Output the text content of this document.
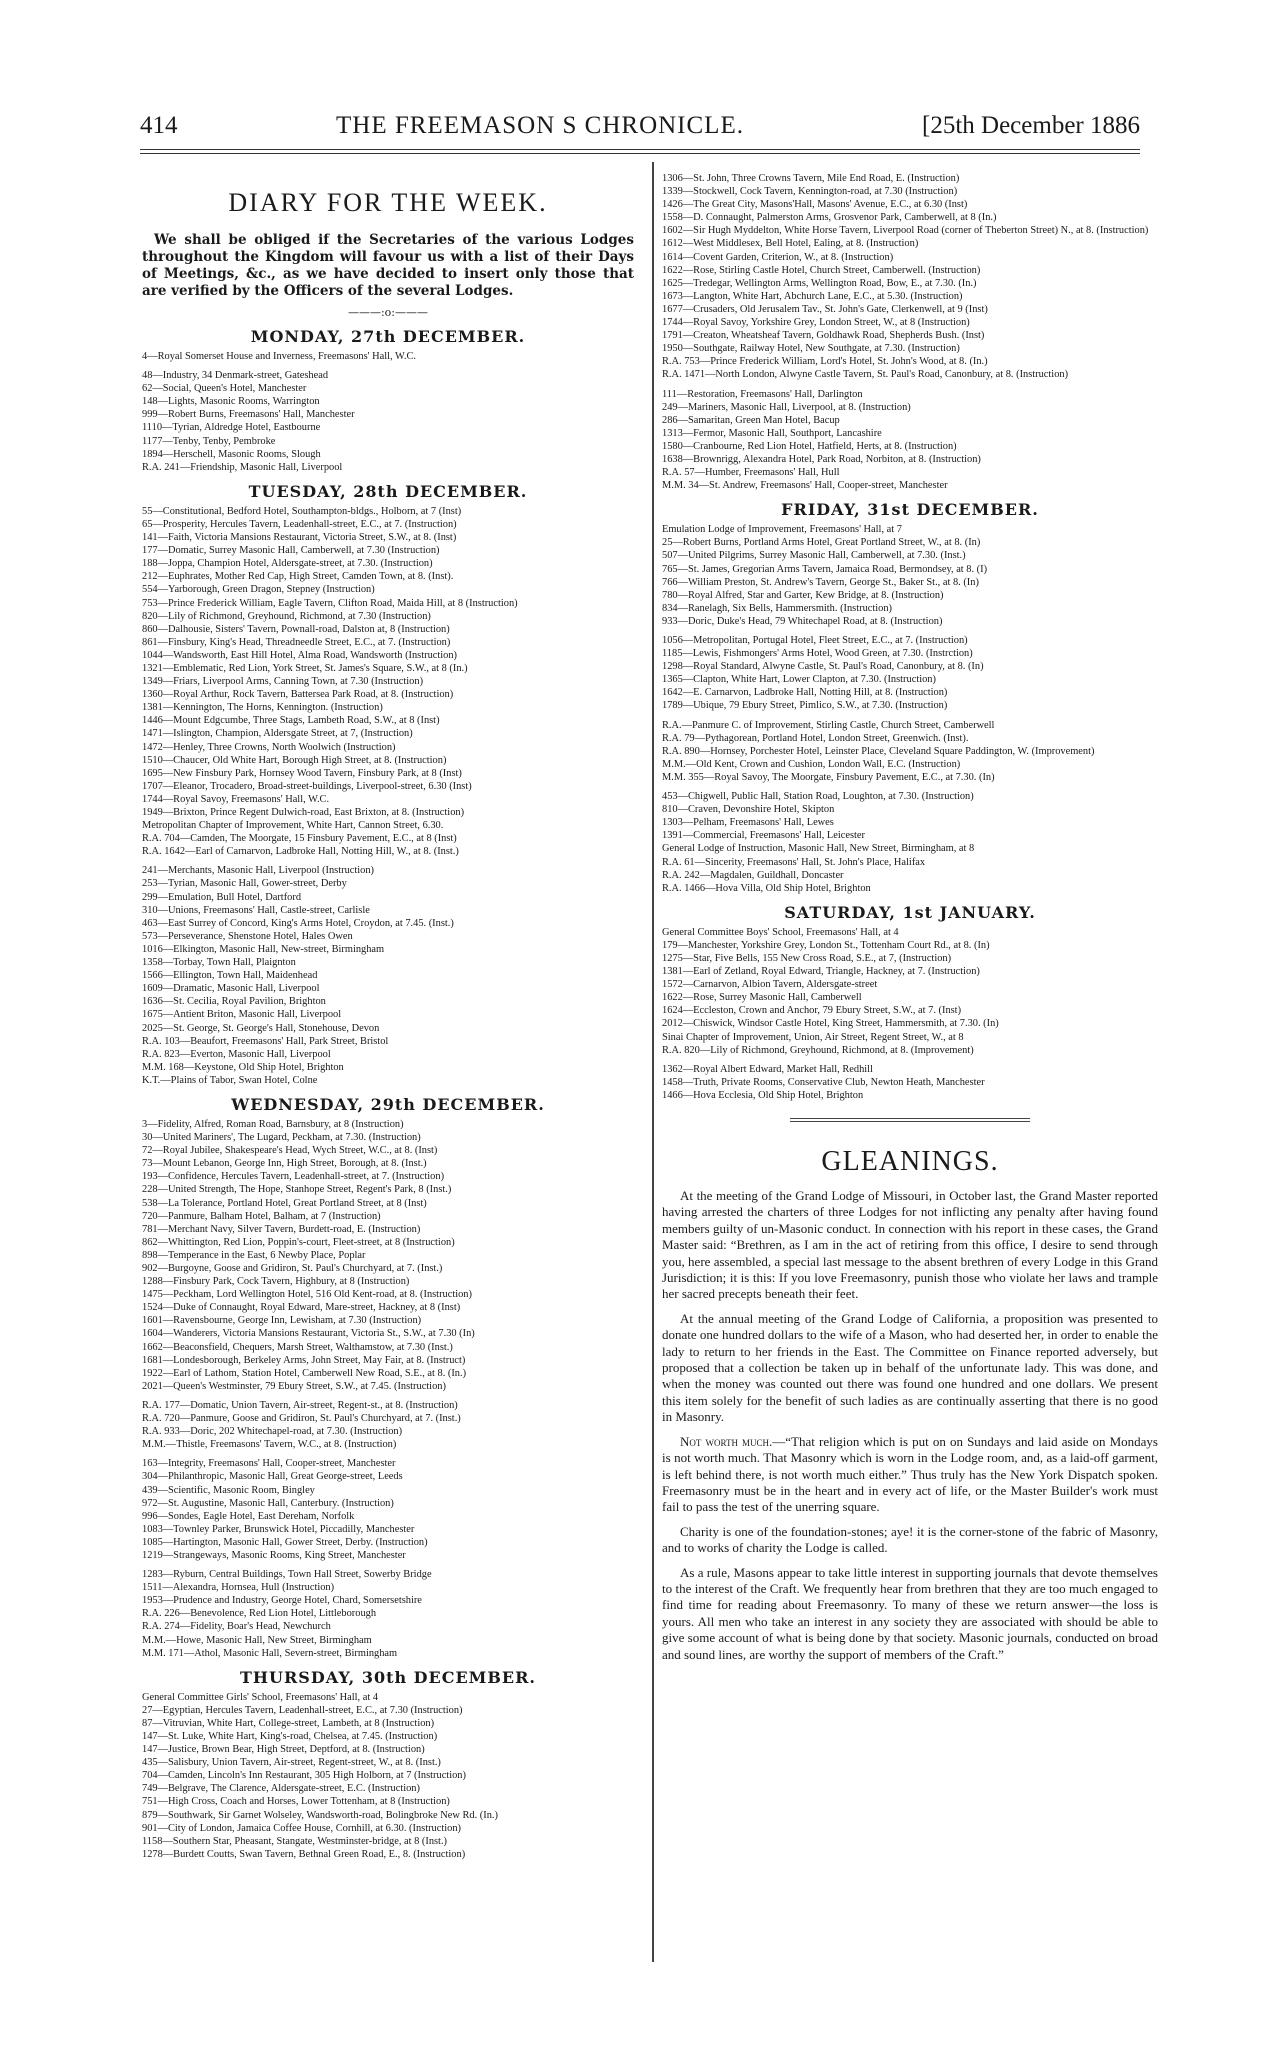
414	THE FREEMASON S CHRONICLE.	[25th December 1886
DIARY FOR THE WEEK.

We shall be obliged if the Secretaries of the various Lodges throughout the Kingdom will favour us with a list of their Days of Meetings, &c., as we have decided to insert only those that are verified by the Officers of the several Lodges.

———:o:———
MONDAY, 27th DECEMBER.
4—Royal Somerset House and Inverness, Freemasons' Hall, W.C.
48—Industry, 34 Denmark-street, Gateshead
62—Social, Queen's Hotel, Manchester
148—Lights, Masonic Rooms, Warrington
999—Robert Burns, Freemasons' Hall, Manchester
1110—Tyrian, Aldredge Hotel, Eastbourne
1177—Tenby, Tenby, Pembroke
1894—Herschell, Masonic Rooms, Slough
R.A. 241—Friendship, Masonic Hall, Liverpool
TUESDAY, 28th DECEMBER.
55—Constitutional, Bedford Hotel, Southampton-bldgs., Holborn, at 7 (Inst)
65—Prosperity, Hercules Tavern, Leadenhall-street, E.C., at 7. (Instruction)
141—Faith, Victoria Mansions Restaurant, Victoria Street, S.W., at 8. (Inst)
177—Domatic, Surrey Masonic Hall, Camberwell, at 7.30 (Instruction)
188—Joppa, Champion Hotel, Aldersgate-street, at 7.30. (Instruction)
212—Euphrates, Mother Red Cap, High Street, Camden Town, at 8. (Inst).
554—Yarborough, Green Dragon, Stepney (Instruction)
753—Prince Frederick William, Eagle Tavern, Clifton Road, Maida Hill, at 8 (Instruction)
820—Lily of Richmond, Greyhound, Richmond, at 7.30 (Instruction)
860—Dalhousie, Sisters' Tavern, Pownall-road, Dalston at, 8 (Instruction)
861—Finsbury, King's Head, Threadneedle Street, E.C., at 7. (Instruction)
1044—Wandsworth, East Hill Hotel, Alma Road, Wandsworth (Instruction)
1321—Emblematic, Red Lion, York Street, St. James's Square, S.W., at 8 (In.)
1349—Friars, Liverpool Arms, Canning Town, at 7.30 (Instruction)
1360—Royal Arthur, Rock Tavern, Battersea Park Road, at 8. (Instruction)
1381—Kennington, The Horns, Kennington. (Instruction)
1446—Mount Edgcumbe, Three Stags, Lambeth Road, S.W., at 8 (Inst)
1471—Islington, Champion, Aldersgate Street, at 7, (Instruction)
1472—Henley, Three Crowns, North Woolwich (Instruction)
1510—Chaucer, Old White Hart, Borough High Street, at 8. (Instruction)
1695—New Finsbury Park, Hornsey Wood Tavern, Finsbury Park, at 8 (Inst)
1707—Eleanor, Trocadero, Broad-street-buildings, Liverpool-street, 6.30 (Inst)
1744—Royal Savoy, Freemasons' Hall, W.C.
1949—Brixton, Prince Regent Dulwich-road, East Brixton, at 8. (Instruction)
Metropolitan Chapter of Improvement, White Hart, Cannon Street, 6.30.
R.A. 704—Camden, The Moorgate, 15 Finsbury Pavement, E.C., at 8 (Inst)
R.A. 1642—Earl of Carnarvon, Ladbroke Hall, Notting Hill, W., at 8. (Inst.)
241—Merchants, Masonic Hall, Liverpool (Instruction)
253—Tyrian, Masonic Hall, Gower-street, Derby
299—Emulation, Bull Hotel, Dartford
310—Unions, Freemasons' Hall, Castle-street, Carlisle
463—East Surrey of Concord, King's Arms Hotel, Croydon, at 7.45. (Inst.)
573—Perseverance, Shenstone Hotel, Hales Owen
1016—Elkington, Masonic Hall, New-street, Birmingham
1358—Torbay, Town Hall, Plaignton
1566—Ellington, Town Hall, Maidenhead
1609—Dramatic, Masonic Hall, Liverpool
1636—St. Cecilia, Royal Pavilion, Brighton
1675—Antient Briton, Masonic Hall, Liverpool
2025—St. George, St. George's Hall, Stonehouse, Devon
R.A. 103—Beaufort, Freemasons' Hall, Park Street, Bristol
R.A. 823—Everton, Masonic Hall, Liverpool
M.M. 168—Keystone, Old Ship Hotel, Brighton
K.T.—Plains of Tabor, Swan Hotel, Colne
WEDNESDAY, 29th DECEMBER.
3—Fidelity, Alfred, Roman Road, Barnsbury, at 8 (Instruction)
30—United Mariners', The Lugard, Peckham, at 7.30. (Instruction)
72—Royal Jubilee, Shakespeare's Head, Wych Street, W.C., at 8. (Inst)
73—Mount Lebanon, George Inn, High Street, Borough, at 8. (Inst.)
193—Confidence, Hercules Tavern, Leadenhall-street, at 7. (Instruction)
228—United Strength, The Hope, Stanhope Street, Regent's Park, 8 (Inst.)
538—La Tolerance, Portland Hotel, Great Portland Street, at 8 (Inst)
720—Panmure, Balham Hotel, Balham, at 7 (Instruction)
781—Merchant Navy, Silver Tavern, Burdett-road, E. (Instruction)
862—Whittington, Red Lion, Poppin's-court, Fleet-street, at 8 (Instruction)
898—Temperance in the East, 6 Newby Place, Poplar
902—Burgoyne, Goose and Gridiron, St. Paul's Churchyard, at 7. (Inst.)
1288—Finsbury Park, Cock Tavern, Highbury, at 8 (Instruction)
1475—Peckham, Lord Wellington Hotel, 516 Old Kent-road, at 8. (Instruction)
1524—Duke of Connaught, Royal Edward, Mare-street, Hackney, at 8 (Inst)
1601—Ravensbourne, George Inn, Lewisham, at 7.30 (Instruction)
1604—Wanderers, Victoria Mansions Restaurant, Victoria St., S.W., at 7.30 (In)
1662—Beaconsfield, Chequers, Marsh Street, Walthamstow, at 7.30 (Inst.)
1681—Londesborough, Berkeley Arms, John Street, May Fair, at 8. (Instruct)
1922—Earl of Lathom, Station Hotel, Camberwell New Road, S.E., at 8. (In.)
2021—Queen's Westminster, 79 Ebury Street, S.W., at 7.45. (Instruction)
R.A. 177—Domatic, Union Tavern, Air-street, Regent-st., at 8. (Instruction)
R.A. 720—Panmure, Goose and Gridiron, St. Paul's Churchyard, at 7. (Inst.)
R.A. 933—Doric, 202 Whitechapel-road, at 7.30. (Instruction)
M.M.—Thistle, Freemasons' Tavern, W.C., at 8. (Instruction)
163—Integrity, Freemasons' Hall, Cooper-street, Manchester
304—Philanthropic, Masonic Hall, Great George-street, Leeds
439—Scientific, Masonic Room, Bingley
972—St. Augustine, Masonic Hall, Canterbury. (Instruction)
996—Sondes, Eagle Hotel, East Dereham, Norfolk
1083—Townley Parker, Brunswick Hotel, Piccadilly, Manchester
1085—Hartington, Masonic Hall, Gower Street, Derby. (Instruction)
1219—Strangeways, Masonic Rooms, King Street, Manchester
1283—Ryburn, Central Buildings, Town Hall Street, Sowerby Bridge
1511—Alexandra, Hornsea, Hull (Instruction)
1953—Prudence and Industry, George Hotel, Chard, Somersetshire
R.A. 226—Benevolence, Red Lion Hotel, Littleborough
R.A. 274—Fidelity, Boar's Head, Newchurch
M.M.—Howe, Masonic Hall, New Street, Birmingham
M.M. 171—Athol, Masonic Hall, Severn-street, Birmingham
THURSDAY, 30th DECEMBER.
General Committee Girls' School, Freemasons' Hall, at 4
27—Egyptian, Hercules Tavern, Leadenhall-street, E.C., at 7.30 (Instruction)
87—Vitruvian, White Hart, College-street, Lambeth, at 8 (Instruction)
147—St. Luke, White Hart, King's-road, Chelsea, at 7.45. (Instruction)
147—Justice, Brown Bear, High Street, Deptford, at 8. (Instruction)
435—Salisbury, Union Tavern, Air-street, Regent-street, W., at 8. (Inst.)
704—Camden, Lincoln's Inn Restaurant, 305 High Holborn, at 7 (Instruction)
749—Belgrave, The Clarence, Aldersgate-street, E.C. (Instruction)
751—High Cross, Coach and Horses, Lower Tottenham, at 8 (Instruction)
879—Southwark, Sir Garnet Wolseley, Wandsworth-road, Bolingbroke New Rd. (In.)
901—City of London, Jamaica Coffee House, Cornhill, at 6.30. (Instruction)
1158—Southern Star, Pheasant, Stangate, Westminster-bridge, at 8 (Inst.)
1278—Burdett Coutts, Swan Tavern, Bethnal Green Road, E., 8. (Instruction)
1306—St. John, Three Crowns Tavern, Mile End Road, E. (Instruction)
1339—Stockwell, Cock Tavern, Kennington-road, at 7.30 (Instruction)
1426—The Great City, Masons'Hall, Masons' Avenue, E.C., at 6.30 (Inst)
1558—D. Connaught, Palmerston Arms, Grosvenor Park, Camberwell, at 8 (In.)
1602—Sir Hugh Myddelton, White Horse Tavern, Liverpool Road (corner of Theberton Street) N., at 8. (Instruction)
1612—West Middlesex, Bell Hotel, Ealing, at 8. (Instruction)
1614—Covent Garden, Criterion, W., at 8. (Instruction)
1622—Rose, Stirling Castle Hotel, Church Street, Camberwell. (Instruction)
1625—Tredegar, Wellington Arms, Wellington Road, Bow, E., at 7.30. (In.)
1673—Langton, White Hart, Abchurch Lane, E.C., at 5.30. (Instruction)
1677—Crusaders, Old Jerusalem Tav., St. John's Gate, Clerkenwell, at 9 (Inst)
1744—Royal Savoy, Yorkshire Grey, London Street, W., at 8 (Instruction)
1791—Creaton, Wheatsheaf Tavern, Goldhawk Road, Shepherds Bush. (Inst)
1950—Southgate, Railway Hotel, New Southgate, at 7.30. (Instruction)
R.A. 753—Prince Frederick William, Lord's Hotel, St. John's Wood, at 8. (In.)
R.A. 1471—North London, Alwyne Castle Tavern, St. Paul's Road, Canonbury, at 8. (Instruction)
111—Restoration, Freemasons' Hall, Darlington
249—Mariners, Masonic Hall, Liverpool, at 8. (Instruction)
286—Samaritan, Green Man Hotel, Bacup
1313—Fermor, Masonic Hall, Southport, Lancashire
1580—Cranbourne, Red Lion Hotel, Hatfield, Herts, at 8. (Instruction)
1638—Brownrigg, Alexandra Hotel, Park Road, Norbiton, at 8. (Instruction)
R.A. 57—Humber, Freemasons' Hall, Hull
M.M. 34—St. Andrew, Freemasons' Hall, Cooper-street, Manchester
FRIDAY, 31st DECEMBER.
Emulation Lodge of Improvement, Freemasons' Hall, at 7
25—Robert Burns, Portland Arms Hotel, Great Portland Street, W., at 8. (In)
507—United Pilgrims, Surrey Masonic Hall, Camberwell, at 7.30. (Inst.)
765—St. James, Gregorian Arms Tavern, Jamaica Road, Bermondsey, at 8. (I)
766—William Preston, St. Andrew's Tavern, George St., Baker St., at 8. (In)
780—Royal Alfred, Star and Garter, Kew Bridge, at 8. (Instruction)
834—Ranelagh, Six Bells, Hammersmith. (Instruction)
933—Doric, Duke's Head, 79 Whitechapel Road, at 8. (Instruction)
1056—Metropolitan, Portugal Hotel, Fleet Street, E.C., at 7. (Instruction)
1185—Lewis, Fishmongers' Arms Hotel, Wood Green, at 7.30. (Instrction)
1298—Royal Standard, Alwyne Castle, St. Paul's Road, Canonbury, at 8. (In)
1365—Clapton, White Hart, Lower Clapton, at 7.30. (Instruction)
1642—E. Carnarvon, Ladbroke Hall, Notting Hill, at 8. (Instruction)
1789—Ubique, 79 Ebury Street, Pimlico, S.W., at 7.30. (Instruction)
R.A.—Panmure C. of Improvement, Stirling Castle, Church Street, Camberwell
R.A. 79—Pythagorean, Portland Hotel, London Street, Greenwich. (Inst).
R.A. 890—Hornsey, Porchester Hotel, Leinster Place, Cleveland Square Paddington, W. (Improvement)
M.M.—Old Kent, Crown and Cushion, London Wall, E.C. (Instruction)
M.M. 355—Royal Savoy, The Moorgate, Finsbury Pavement, E.C., at 7.30. (In)
453—Chigwell, Public Hall, Station Road, Loughton, at 7.30. (Instruction)
810—Craven, Devonshire Hotel, Skipton
1303—Pelham, Freemasons' Hall, Lewes
1391—Commercial, Freemasons' Hall, Leicester
General Lodge of Instruction, Masonic Hall, New Street, Birmingham, at 8
R.A. 61—Sincerity, Freemasons' Hall, St. John's Place, Halifax
R.A. 242—Magdalen, Guildhall, Doncaster
R.A. 1466—Hova Villa, Old Ship Hotel, Brighton
SATURDAY, 1st JANUARY.
General Committee Boys' School, Freemasons' Hall, at 4
179—Manchester, Yorkshire Grey, London St., Tottenham Court Rd., at 8. (In)
1275—Star, Five Bells, 155 New Cross Road, S.E., at 7, (Instruction)
1381—Earl of Zetland, Royal Edward, Triangle, Hackney, at 7. (Instruction)
1572—Carnarvon, Albion Tavern, Aldersgate-street
1622—Rose, Surrey Masonic Hall, Camberwell
1624—Eccleston, Crown and Anchor, 79 Ebury Street, S.W., at 7. (Inst)
2012—Chiswick, Windsor Castle Hotel, King Street, Hammersmith, at 7.30. (In)
Sinai Chapter of Improvement, Union, Air Street, Regent Street, W., at 8
R.A. 820—Lily of Richmond, Greyhound, Richmond, at 8. (Improvement)
1362—Royal Albert Edward, Market Hall, Redhill
1458—Truth, Private Rooms, Conservative Club, Newton Heath, Manchester
1466—Hova Ecclesia, Old Ship Hotel, Brighton
GLEANINGS.

At the meeting of the Grand Lodge of Missouri, in October last, the Grand Master reported having arrested the charters of three Lodges for not inflicting any penalty after having found members guilty of un-Masonic conduct. In connection with his report in these cases, the Grand Master said: “Brethren, as I am in the act of retiring from this office, I desire to send through you, here assembled, a special last message to the absent brethren of every Lodge in this Grand Jurisdiction; it is this: If you love Freemasonry, punish those who violate her laws and trample her sacred precepts beneath their feet.

At the annual meeting of the Grand Lodge of California, a proposition was presented to donate one hundred dollars to the wife of a Mason, who had deserted her, in order to enable the lady to return to her friends in the East. The Committee on Finance reported adversely, but proposed that a collection be taken up in behalf of the unfortunate lady. This was done, and when the money was counted out there was found one hundred and one dollars. We present this item solely for the benefit of such ladies as are continually asserting that there is no good in Masonry.

Not worth much.—“That religion which is put on on Sundays and laid aside on Mondays is not worth much. That Masonry which is worn in the Lodge room, and, as a laid-off garment, is left behind there, is not worth much either.” Thus truly has the New York Dispatch spoken. Freemasonry must be in the heart and in every act of life, or the Master Builder's work must fail to pass the test of the unerring square.

Charity is one of the foundation-stones; aye! it is the corner-stone of the fabric of Masonry, and to works of charity the Lodge is called.

As a rule, Masons appear to take little interest in supporting journals that devote themselves to the interest of the Craft. We frequently hear from brethren that they are too much engaged to find time for reading about Freemasonry. To many of these we return answer—the loss is yours. All men who take an interest in any society they are associated with should be able to give some account of what is being done by that society. Masonic journals, conducted on broad and sound lines, are worthy the support of members of the Craft.”
